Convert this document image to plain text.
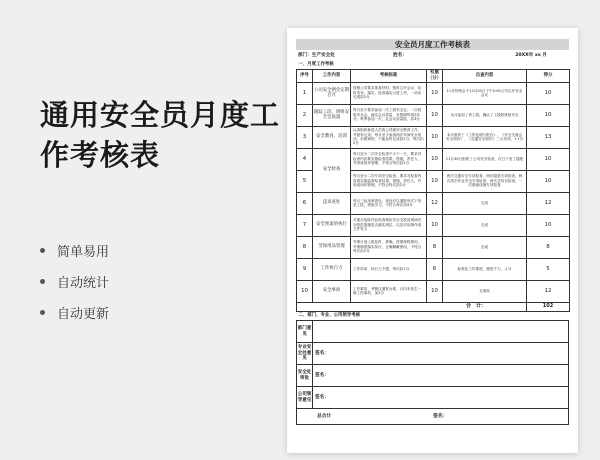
通用安全员月度工作考核表
简单易用
自动统计
自动更新
安全员月度工作考核表
部门：生产安全处	姓名：	20XX年 xx 月
一、月度工作考核					
序号	工作内容	考核标准	权重（分）	自查内容	得分
1	公司安全例会定期召开	按照公司要求准备材料，按时召开会议，及时发布、落实、检查落实月度工作，一项未完成扣2分	10	11月份例会于12月02日下午2:00公司召开安全会议	10
2	跟踪工段、班组安全会质量	每月至少要求参加一次工段安全会，一次班组安全会，落实会议质量，未按照每项扣2分；每季参加一次，且会议质量低，扣3分	10	本月参加了该工段，确认了工段的班组安全	10
3	安全教育、培训	认真组织新进人员的公司级安全教育工作，并留有记录；每月至少参加两次车间安全培训，未做到的，不能及时完成扣2分，每次扣2分	10	本月组织了《工伤处理与报告》、《安全交流会安全知识》、《交通安全知识》三大培训，+1分	13
4	安全检查	每月至少二次安全检查不少于一天，要求对检查内容要实施检查结果，措施，责任人，并形成闭环管理，不符合每次扣2分	10	11月30日组织了公司安全检查，次日下发了通报	10
5		每月至少二次专项安全检查，要求对检查内容需实施监督检查结果，措施，责任人，并形成闭环管理，不符合每次扣2分	10	两次交通安全专项检查，两次隐患专项检查，两次高空作业安全专项检查，两次总结自检查，一次基础设施专项检查	10
6	违章查处	每月三起违章查处，查处后以通报形式下发至工段，班组学习，不符合每次扣4分	12	完成	12
7	安全预案的执行	对重点危险作业检查相应安全交底及现场安全防范措施是否落实到位，以及对应制作成文件发文	10	完成	10
8	劳保用品管理	劳保计划上报及时，准确，按照规程领用，劳保制度落实执行，正确佩戴使用，不符合每次扣2分	8	完成	8
9	工作执行力	工作效率、执行力不强，每次扣1分	6	标准化工作推进，跟进不力，-1分	5
10	安全事故	工作事故、考核以通报为准，月内未发生一般工伤事故，加2分	10	无事故	12
合　计：					102
二、部门、专业、公司领导考核	
部门意见	
专业安全处意见	签名：
安全处审批	签名：
公司领导意见	签名：
总合计 签名：	
